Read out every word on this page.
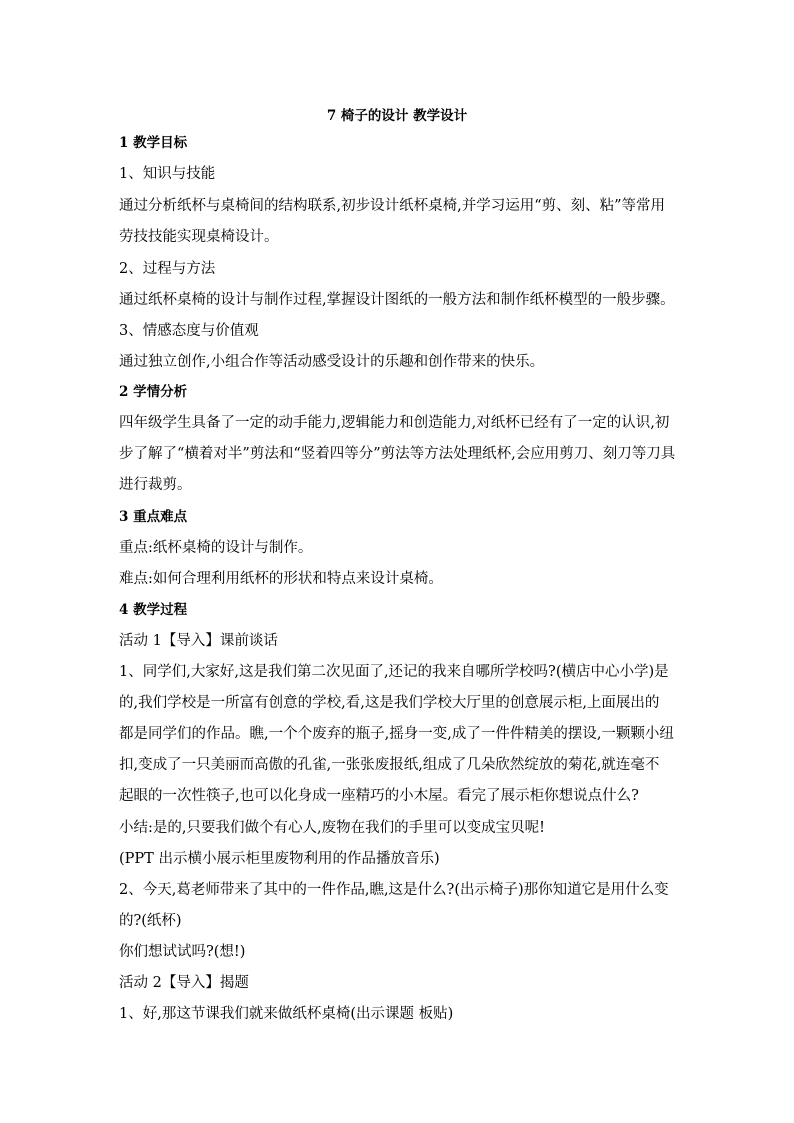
7 椅子的设计 教学设计
1 教学目标
1、知识与技能
通过分析纸杯与桌椅间的结构联系,初步设计纸杯桌椅,并学习运用“剪、刻、粘”等常用
劳技技能实现桌椅设计。
2、过程与方法
通过纸杯桌椅的设计与制作过程,掌握设计图纸的一般方法和制作纸杯模型的一般步骤。
3、情感态度与价值观
通过独立创作,小组合作等活动感受设计的乐趣和创作带来的快乐。
2 学情分析
四年级学生具备了一定的动手能力,逻辑能力和创造能力,对纸杯已经有了一定的认识,初
步了解了“横着对半”剪法和“竖着四等分”剪法等方法处理纸杯,会应用剪刀、刻刀等刀具
进行裁剪。
3 重点难点
重点:纸杯桌椅的设计与制作。
难点:如何合理利用纸杯的形状和特点来设计桌椅。
4 教学过程
活动 1【导入】课前谈话
1、同学们,大家好,这是我们第二次见面了,还记的我来自哪所学校吗?(横店中心小学)是
的,我们学校是一所富有创意的学校,看,这是我们学校大厅里的创意展示柜,上面展出的
都是同学们的作品。瞧,一个个废弃的瓶子,摇身一变,成了一件件精美的摆设,一颗颗小纽
扣,变成了一只美丽而高傲的孔雀,一张张废报纸,组成了几朵欣然绽放的菊花,就连毫不
起眼的一次性筷子,也可以化身成一座精巧的小木屋。看完了展示柜你想说点什么?
小结:是的,只要我们做个有心人,废物在我们的手里可以变成宝贝呢!
(PPT 出示横小展示柜里废物利用的作品播放音乐)
2、今天,葛老师带来了其中的一件作品,瞧,这是什么?(出示椅子)那你知道它是用什么变
的?(纸杯)
你们想试试吗?(想!)
活动 2【导入】揭题
1、好,那这节课我们就来做纸杯桌椅(出示课题 板贴)
